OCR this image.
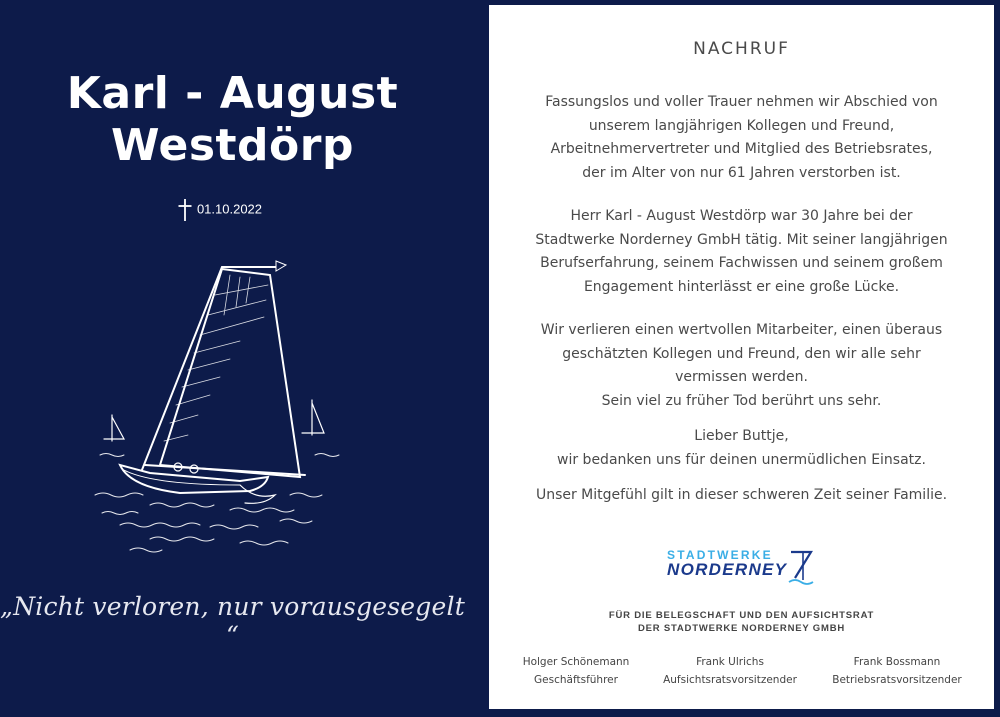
Karl - August
Westdörp
01.10.2022
„Nicht verloren, nur vorausgesegelt “
NACHRUF
Fassungslos und voller Trauer nehmen wir Abschied von
unserem langjährigen Kollegen und Freund,
Arbeitnehmervertreter und Mitglied des Betriebsrates,
der im Alter von nur 61 Jahren verstorben ist.
Herr Karl - August Westdörp war 30 Jahre bei der
Stadtwerke Norderney GmbH tätig. Mit seiner langjährigen
Berufserfahrung, seinem Fachwissen und seinem großem
Engagement hinterlässt er eine große Lücke.
Wir verlieren einen wertvollen Mitarbeiter, einen überaus
geschätzten Kollegen und Freund, den wir alle sehr
vermissen werden.
Sein viel zu früher Tod berührt uns sehr.
Lieber Buttje,
wir bedanken uns für deinen unermüdlichen Einsatz.
Unser Mitgefühl gilt in dieser schweren Zeit seiner Familie.
STADTWERKE
NORDERNEY
FÜR DIE BELEGSCHAFT UND DEN AUFSICHTSRAT
DER STADTWERKE NORDERNEY GMBH
Holger Schönemann
Geschäftsführer
Frank Ulrichs
Aufsichtsratsvorsitzender
Frank Bossmann
Betriebsratsvorsitzender
